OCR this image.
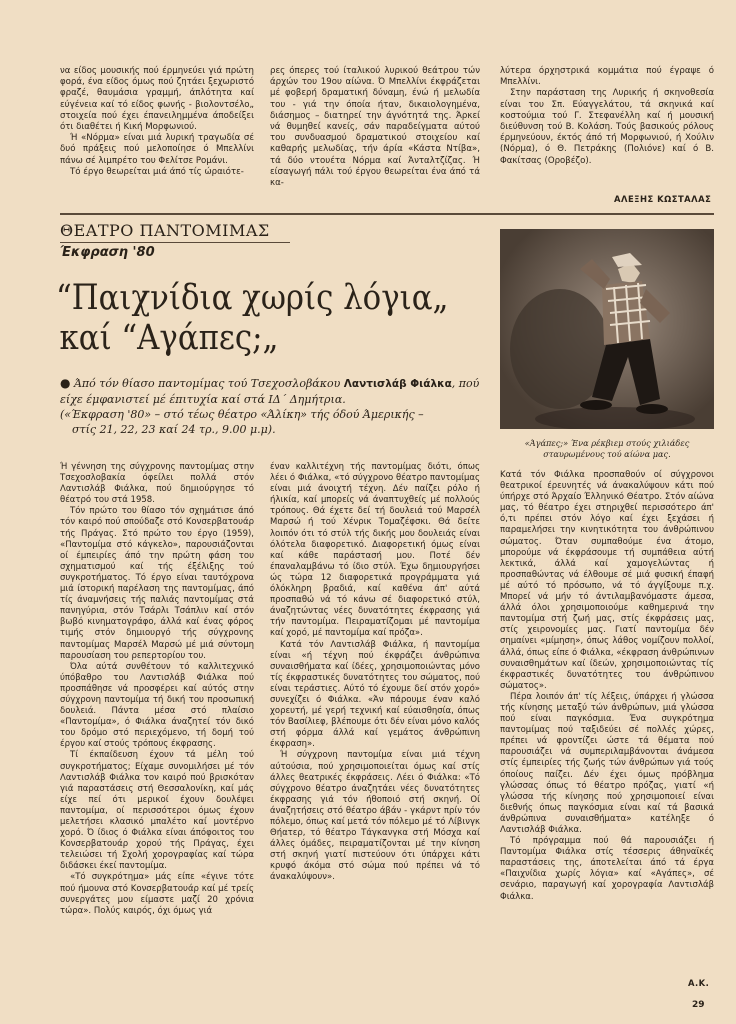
να είδος μουσικής πού έρμηνεύει γιά πρώτη φορά, ένα είδος όμως πού ζητάει ξεχωριστό φραζέ, θαυμάσια γραμμή, άπλότητα καί εύγένεια καί τό είδος φωνής - βιολοντσέλο„ στοιχεία πού έχει έπανειλημμένα άποδείξει ότι διαθέτει ή Κική Μορφωνιού.

Ή «Νόρμα» είναι μιά λυρική τραγωδία σέ δυό πράξεις πού μελοποίησε ό Μπελλίνι πάνω σέ λιμπρέτο του Φελίτσε Ρομάνι.

Τό έργο θεωρείται μιά άπό τίς ώραιότε-

ρες όπερες τού ίταλικού λυρικού θεάτρου τών άρχών του 19ου αίώνα. Ό Μπελλίνι έκφράζεται μέ φοβερή δραματική δύναμη, ένώ ή μελωδία του - γιά την όποία ήταν, δικαιολογημένα, διάσημος – διατηρεί την άγνότητά της. Άρκεί νά θυμηθεί κανείς, σάν παραδείγματα αύτού του συνδυασμού δραματικού στοιχείου καί καθαρής μελωδίας, τήν άρία «Κάστα Ντίβα», τά δύο ντουέτα Νόρμα καί Άνταλτζίζας. Ή είσαγωγή πάλι τού έργου θεωρείται ένα άπό τά κα-

λύτερα όρχηστρικά κομμάτια πού έγραψε ό Μπελλίνι.

Στην παράσταση της Λυρικής ή σκηνοθεσία είναι του Σπ. Εύαγγελάτου, τά σκηνικά καί κοστούμια τού Γ. Στεφανέλλη καί ή μουσική διεύθυνση τού Β. Κολάση. Τούς βασικούς ρόλους έρμηνεύουν, έκτός άπό τή Μορφωνιού, ή Χούλιν (Νόρμα), ό Θ. Πετράκης (Πολιόνε) καί ό Β. Φακίτσας (Οροβέζο).

ΑΛΕΞΗΣ ΚΩΣΤΑΛΑΣ
ΘΕΑΤΡΟ ΠΑΝΤΟΜΙΜΑΣ
Έκφραση '80
“Παιχνίδια χωρίς λόγια„
καί “Αγάπες;„
«Άγάπες;» Ένα ρέκβιεμ στούς χιλιάδες
σταυρωμένους τού αίώνα μας.
● Άπό τόν θίασο παντομίμας τού Τσεχοσλοβάκου Λαντισλάβ Φιάλκα, πού είχε έμφανιστεί μέ έπιτυχία καί στά ΙΔ΄ Δημήτρια.
(«Έκφραση '80» – στό τέως θέατρο «Άλίκη» τής όδού Άμερικής –
στίς 21, 22, 23 καί 24 τρ., 9.00 μ.μ).

Ή γέννηση της σύγχρονης παντομίμας στην Τσεχοσλοβακία όφείλει πολλά στόν Λαντισλάβ Φιάλκα, πού δημιούργησε τό θέατρό του στά 1958.

Τόν πρώτο του θίασο τόν σχημάτισε άπό τόν καιρό πού σπούδαζε στό Κονσερβατουάρ τής Πράγας. Στό πρώτο του έργο (1959), «Παντομίμα στό κάγκελο», παρουσιάζονται οί έμπειρίες άπό την πρώτη φάση του σχηματισμού καί τής έξέλιξης τού συγκροτήματος. Τό έργο είναι ταυτόχρονα μιά ίστορική παρέλαση της παντομίμας, άπό τίς άναμνήσεις τής παλιάς παντομίμας στά πανηγύρια, στόν Τσάρλι Τσάπλιν καί στόν βωβό κινηματογράφο, άλλά καί ένας φόρος τιμής στόν δημιουργό τής σύγχρονης παντομίμας Μαρσέλ Μαρσώ μέ μιά σύντομη παρουσίαση του ρεπερτορίου του.

Όλα αύτά συνθέτουν τό καλλιτεχνικό ύπόβαθρο του Λαντισλάβ Φιάλκα πού προσπάθησε νά προσφέρει καί αύτός στην σύγχρονη παντομίμα τή δική του προσωπική δουλειά. Πάντα μέσα στό πλαίσιο «Παντομίμα», ό Φιάλκα άναζητεί τόν δικό του δρόμο στό περιεχόμενο, τή δομή τού έργου καί στούς τρόπους έκφρασης.

Τί έκπαίδευση έχουν τά μέλη τού συγκροτήματος; Είχαμε συνομιλήσει μέ τόν Λαντισλάβ Φιάλκα τον καιρό πού βρισκόταν γιά παραστάσεις στή Θεσσαλονίκη, καί μάς είχε πεί ότι μερικοί έχουν δουλέψει παντομίμα, οί περισσότεροι όμως έχουν μελετήσει κλασικό μπαλέτο καί μοντέρνο χορό. Ό ίδιος ό Φιάλκα είναι άπόφοιτος του Κονσερβατουάρ χορού τής Πράγας, έχει τελειώσει τή Σχολή χορογραφίας καί τώρα διδάσκει έκεί παντομίμα.

«Τό συγκρότημα» μάς είπε «έγινε τότε πού ήμουνα στό Κονσερβατουάρ καί μέ τρείς συνεργάτες μου είμαστε μαζί 20 χρόνια τώρα». Πολύς καιρός, όχι όμως γιά

έναν καλλιτέχνη τής παντομίμας διότι, όπως λέει ό Φιάλκα, «τό σύγχρονο θέατρο παντομίμας είναι μιά άνοιχτή τέχνη. Δέν παίζει ρόλο ή ήλικία, καί μπορείς νά άναπτυχθείς μέ πολλούς τρόπους. Θά έχετε δεί τή δουλειά τού Μαρσέλ Μαρσώ ή τού Χένρικ Τομαζέφσκι. Θά δείτε λοιπόν ότι τό στύλ τής δικής μου δουλειάς είναι όλότελα διαφορετικό. Διαφορετική όμως είναι καί κάθε παράστασή μου. Ποτέ δέν έπαναλαμβάνω τό ίδιο στύλ. Έχω δημιουργήσει ώς τώρα 12 διαφορετικά προγράμματα γιά όλόκληρη βραδιά, καί καθένα άπ' αύτά προσπαθώ νά τό κάνω σέ διαφορετικό στύλ, άναζητώντας νέες δυνατότητες έκφρασης γιά τήν παντομίμα. Πειραματίζομαι μέ παντομίμα καί χορό, μέ παντομίμα καί πρόζα».

Κατά τόν Λαντισλάβ Φιάλκα, ή παντομίμα είναι «ή τέχνη πού έκφράζει άνθρώπινα συναισθήματα καί ίδέες, χρησιμοποιώντας μόνο τίς έκφραστικές δυνατότητες του σώματος, πού είναι τεράστιες. Αύτό τό έχουμε δεί στόν χορό» συνεχίζει ό Φιάλκα. «Άν πάρουμε έναν καλό χορευτή, μέ γερή τεχνική καί εύαισθησία, όπως τόν Βασίλιεφ, βλέπουμε ότι δέν είναι μόνο καλός στή φόρμα άλλά καί γεμάτος άνθρώπινη έκφραση».

Ή σύγχρονη παντομίμα είναι μιά τέχνη αύτούσια, πού χρησιμοποιείται όμως καί στίς άλλες θεατρικές έκφράσεις. Λέει ό Φιάλκα: «Τό σύγχρονο θέατρο άναζητάει νέες δυνατότητες έκφρασης γιά τόν ήθοποιό στή σκηνή. Οί άναζητήσεις στό θέατρο άβάν - γκάρντ πρίν τόν πόλεμο, όπως καί μετά τόν πόλεμο μέ τό Λίβινγκ Θήατερ, τό θέατρο Τάγκανγκα στή Μόσχα καί άλλες όμάδες, πειραματίζονται μέ την κίνηση στή σκηνή γιατί πιστεύουν ότι ύπάρχει κάτι κρυφό άκόμα στό σώμα πού πρέπει νά τό άνακαλύψουν».

Κατά τόν Φιάλκα προσπαθούν οί σύγχρονοι θεατρικοί έρευνητές νά άνακαλύψουν κάτι πού ύπήρχε στό Άρχαίο Έλληνικό Θέατρο. Στόν αίώνα μας, τό θέατρο έχει στηριχθεί περισσότερο άπ' ό,τι πρέπει στόν λόγο καί έχει ξεχάσει ή παραμελήσει την κινητικότητα του άνθρώπινου σώματος. Όταν συμπαθούμε ένα άτομο, μπορούμε νά έκφράσουμε τή συμπάθεια αύτή λεκτικά, άλλά καί χαμογελώντας ή προσπαθώντας νά έλθουμε σέ μιά φυσική έπαφή μέ αύτό τό πρόσωπο, νά τό άγγίξουμε π.χ. Μπορεί νά μήν τό άντιλαμβανόμαστε άμεσα, άλλά όλοι χρησιμοποιούμε καθημερινά την παντομίμα στή ζωή μας, στίς έκφράσεις μας, στίς χειρονομίες μας. Γιατί παντομίμα δέν σημαίνει «μίμηση», όπως λάθος νομίζουν πολλοί, άλλά, όπως είπε ό Φιάλκα, «έκφραση άνθρώπινων συναισθημάτων καί ίδεών, χρησιμοποιώντας τίς έκφραστικές δυνατότητες του άνθρώπινου σώματος».

Πέρα λοιπόν άπ' τίς λέξεις, ύπάρχει ή γλώσσα τής κίνησης μεταξύ τών άνθρώπων, μιά γλώσσα πού είναι παγκόσμια. Ένα συγκρότημα παντομίμας πού ταξιδεύει σέ πολλές χώρες, πρέπει νά φροντίζει ώστε τά θέματα πού παρουσιάζει νά συμπεριλαμβάνονται άνάμεσα στίς έμπειρίες τής ζωής τών άνθρώπων γιά τούς όποίους παίζει. Δέν έχει όμως πρόβλημα γλώσσας όπως τό θέατρο πρόζας, γιατί «ή γλώσσα τής κίνησης πού χρησιμοποιεί είναι διεθνής όπως παγκόσμια είναι καί τά βασικά άνθρώπινα συναισθήματα» κατέληξε ό Λαντισλάβ Φιάλκα.

Τό πρόγραμμα πού θά παρουσιάζει ή Παντομίμα Φιάλκα στίς τέσσερις άθηναϊκές παραστάσεις της, άποτελείται άπό τά έργα «Παιχνίδια χωρίς λόγια» καί «Αγάπες», σέ σενάριο, παραγωγή καί χορογραφία Λαντισλάβ Φιάλκα.

Α.Κ.
29
